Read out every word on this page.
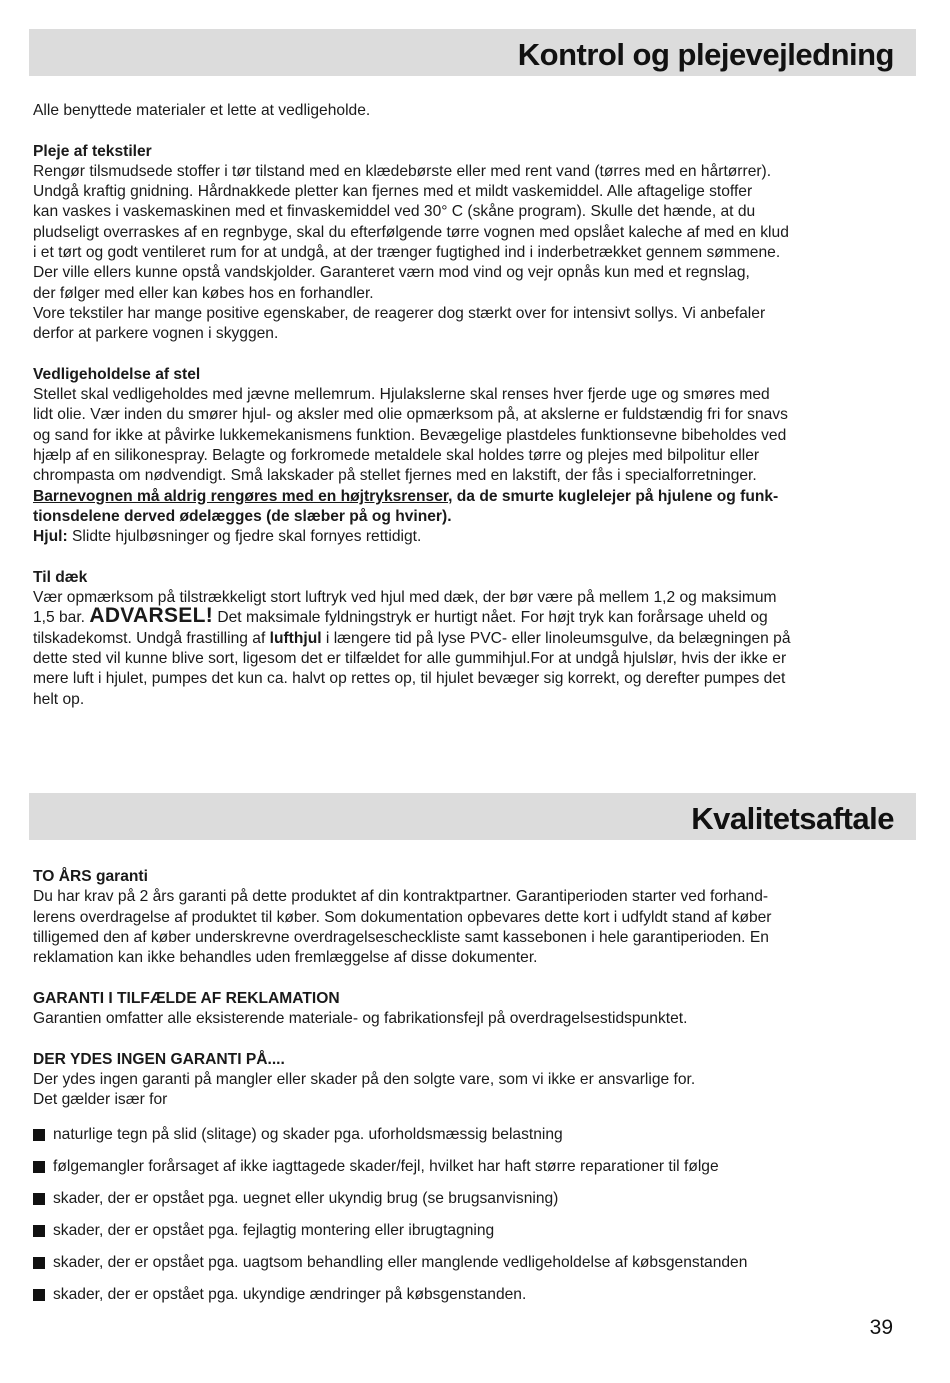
Kontrol og plejevejledning

Alle benyttede materialer et lette at vedligeholde.

Pleje af tekstiler

Rengør tilsmudsede stoffer i tør tilstand med en klædebørste eller med rent vand (tørres med en hårtørrer).

Undgå kraftig gnidning. Hårdnakkede pletter kan fjernes med et mildt vaskemiddel. Alle aftagelige stoffer

kan vaskes i vaskemaskinen med et finvaskemiddel ved 30° C (skåne program). Skulle det hænde, at du

pludseligt overraskes af en regnbyge, skal du efterfølgende tørre vognen med opslået kaleche af med en klud

i et tørt og godt ventileret rum for at undgå, at der trænger fugtighed ind i inderbetrækket gennem sømmene.

Der ville ellers kunne opstå vandskjolder. Garanteret værn mod vind og vejr opnås kun med et regnslag,

der følger med eller kan købes hos en forhandler.

Vore tekstiler har mange positive egenskaber, de reagerer dog stærkt over for intensivt sollys. Vi anbefaler

derfor at parkere vognen i skyggen.

Vedligeholdelse af stel

Stellet skal vedligeholdes med jævne mellemrum. Hjulakslerne skal renses hver fjerde uge og smøres med

lidt olie. Vær inden du smører hjul- og aksler med olie opmærksom på, at akslerne er fuldstændig fri for snavs

og sand for ikke at påvirke lukkemekanismens funktion. Bevægelige plastdeles funktionsevne bibeholdes ved

hjælp af en silikonespray. Belagte og forkromede metaldele skal holdes tørre og plejes med bilpolitur eller

chrompasta om nødvendigt. Små lakskader på stellet fjernes med en lakstift, der fås i specialforretninger.

Barnevognen må aldrig rengøres med en højtryksrenser, da de smurte kuglelejer på hjulene og funk-

tionsdelene derved ødelægges (de slæber på og hviner).

Hjul: Slidte hjulbøsninger og fjedre skal fornyes rettidigt.

Til dæk

Vær opmærksom på tilstrækkeligt stort luftryk ved hjul med dæk, der bør være på mellem 1,2 og maksimum

1,5 bar. ADVARSEL! Det maksimale fyldningstryk er hurtigt nået. For højt tryk kan forårsage uheld og

tilskadekomst. Undgå frastilling af lufthjul i længere tid på lyse PVC- eller linoleumsgulve, da belægningen på

dette sted vil kunne blive sort, ligesom det er tilfældet for alle gummihjul.For at undgå hjulslør, hvis der ikke er

mere luft i hjulet, pumpes det kun ca. halvt op rettes op, til hjulet bevæger sig korrekt, og derefter pumpes det

helt op.

Kvalitetsaftale

TO ÅRS garanti

Du har krav på 2 års garanti på dette produktet af din kontraktpartner. Garantiperioden starter ved forhand-

lerens overdragelse af produktet til køber. Som dokumentation opbevares dette kort i udfyldt stand af køber

tilligemed den af køber underskrevne overdragelsescheckliste samt kassebonen i hele garantiperioden. En

reklamation kan ikke behandles uden fremlæggelse af disse dokumenter.

GARANTI I TILFÆLDE AF REKLAMATION

Garantien omfatter alle eksisterende materiale- og fabrikationsfejl på overdragelsestidspunktet.

DER YDES INGEN GARANTI PÅ....

Der ydes ingen garanti på mangler eller skader på den solgte vare, som vi ikke er ansvarlige for.

Det gælder især for

naturlige tegn på slid (slitage) og skader pga. uforholdsmæssig belastning
følgemangler forårsaget af ikke iagttagede skader/fejl, hvilket har haft større reparationer til følge
skader, der er opstået pga. uegnet eller ukyndig brug (se brugsanvisning)
skader, der er opstået pga. fejlagtig montering eller ibrugtagning
skader, der er opstået pga. uagtsom behandling eller manglende vedligeholdelse af købsgenstanden
skader, der er opstået pga. ukyndige ændringer på købsgenstanden.
39
